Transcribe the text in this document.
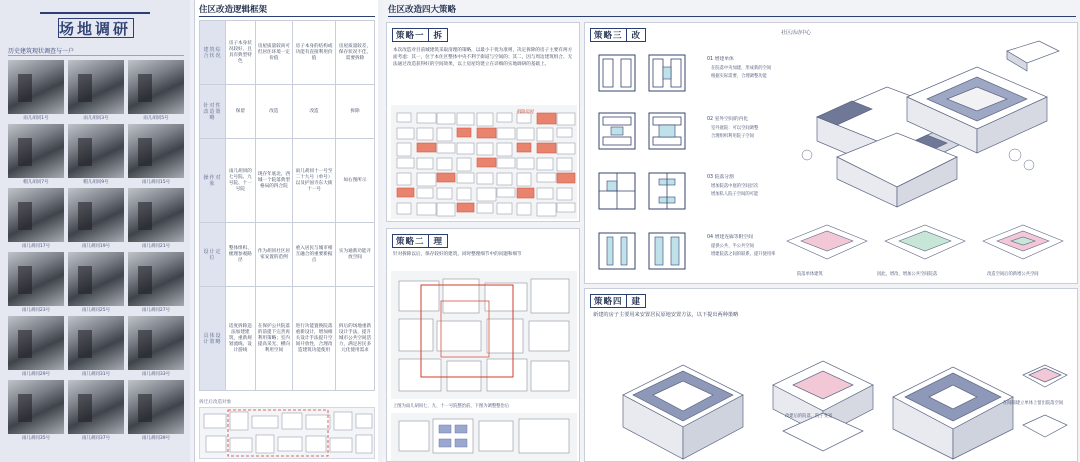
场地调研
历史建筑现状调查与一户
雨儿胡同1号	雨儿胡同3号	雨儿胡同5号
帽儿胡同7号	帽儿胡同9号	雨儿胡同15号
雨儿胡同17号	雨儿胡同19号	雨儿胡同21号
雨儿胡同23号	雨儿胡同25号	雨儿胡同27号
雨儿胡同29号	雨儿胡同31号	雨儿胡同33号
雨儿胡同35号	雨儿胡同37号	雨儿胡同39号
住区改造逻辑框架
建筑综合状况	房子本身状况较好、且具有典型特色	房屋质量较尚可但居住环境一定价值	房子本身的结构或功能有直接利用价值	房屋质量较差，保存状况不佳，需要拆除
针对性改造策略	保留	改造	改造	拆除
操作对象	雨儿胡同的七号院、九号院、十一号院	现存年底北、西城一个院落典型格局的四合院	雨儿胡同十一号至二十九号（单号）以及护国寺东大街十一号	如右图所示
设计定位	整体组织、梳理参观路径	作为胡同社区居家安置的范例	重入居民与城市相互融合的重要新据点	实为通新功能开放空间
具体设计策略	适度拆除违法加建建筑，重新规划流线、设计游线	在保护公共院落的前提下完善再利用策略；室内提高采光、横向利用空间	进行功能置换院落重新设计，增加相关设计手法提升空间开放性，合理改造建筑功能使用	拆后的场地重新设计手法，提升城市公共空间活力，满足居民多元化使用需求
拆迁后改造对象
住区改造四大策略
策略一	拆
本次改造对目前城建筑采取清理的策略，以最小干扰为准则，决定拆除的房子主要有两方面考虑：其一，位于本住区整体中央不利于街道与空间的；其二，因与周边建筑组合、无法通过改造获得好的空间效果，以上房屋均建立在详细的实地调研的基础上。
拆除房屋
策略二	理
针对拆除以后，保存较好的建筑，同时整理细节中的问题和细节
上图为雨儿胡同七、九、十一号院整治前，下图为调整整治后
策略三	改
01 增建单体
在院落中央加建，形成新的空间
根据实际需要，合理调整功能
02 室外空间的内化
室外庭院：可以空间调整
合理组织利用院子空间
03 院落分割
增加院落中庭的空间层次
增加私人院子空间的可能
04 增建连廊等附空间
提供公共、半公共空间
增建院落之间的联系，提升使用率
社区活动中心
院落单体建筑	因此，增改、增加公共空间院落	改造空间后的新增公共空间
策略四	建
新建的房子主要用来安置居民原地安置方法，以下提出两种策略
改建后的院落，院子变宽
在间隙建立单体上留出院落空间
